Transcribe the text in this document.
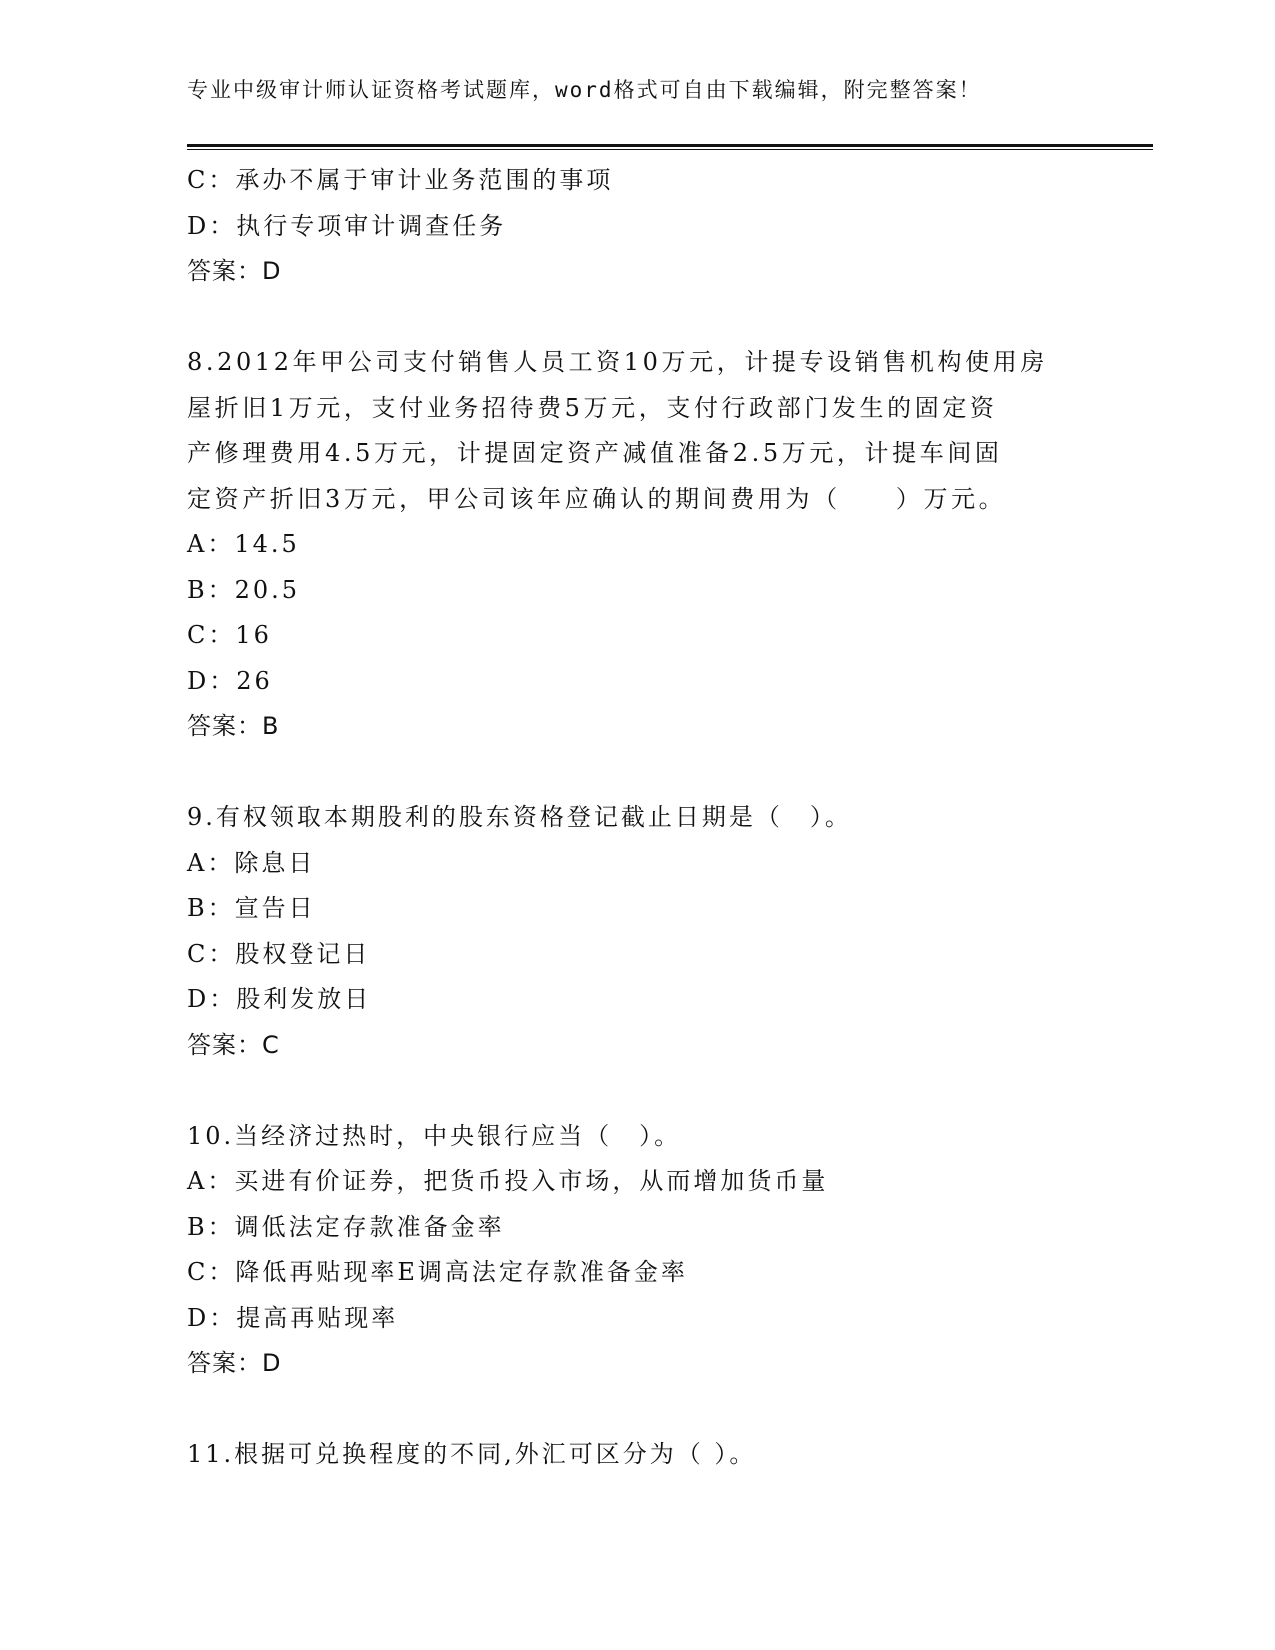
专业中级审计师认证资格考试题库，word格式可自由下载编辑，附完整答案！
C：承办不属于审计业务范围的事项
D：执行专项审计调查任务
答案：D
8.2012年甲公司支付销售人员工资10万元，计提专设销售机构使用房
屋折旧1万元，支付业务招待费5万元，支付行政部门发生的固定资
产修理费用4.5万元，计提固定资产减值准备2.5万元，计提车间固
定资产折旧3万元，甲公司该年应确认的期间费用为（　　）万元。
A：14.5
B：20.5
C：16
D：26
答案：B
9.有权领取本期股利的股东资格登记截止日期是（　）。
A：除息日
B：宣告日
C：股权登记日
D：股利发放日
答案：C
10.当经济过热时，中央银行应当（　）。
A：买进有价证券，把货币投入市场，从而增加货币量
B：调低法定存款准备金率
C：降低再贴现率E调高法定存款准备金率
D：提高再贴现率
答案：D
11.根据可兑换程度的不同,外汇可区分为（ ）。
